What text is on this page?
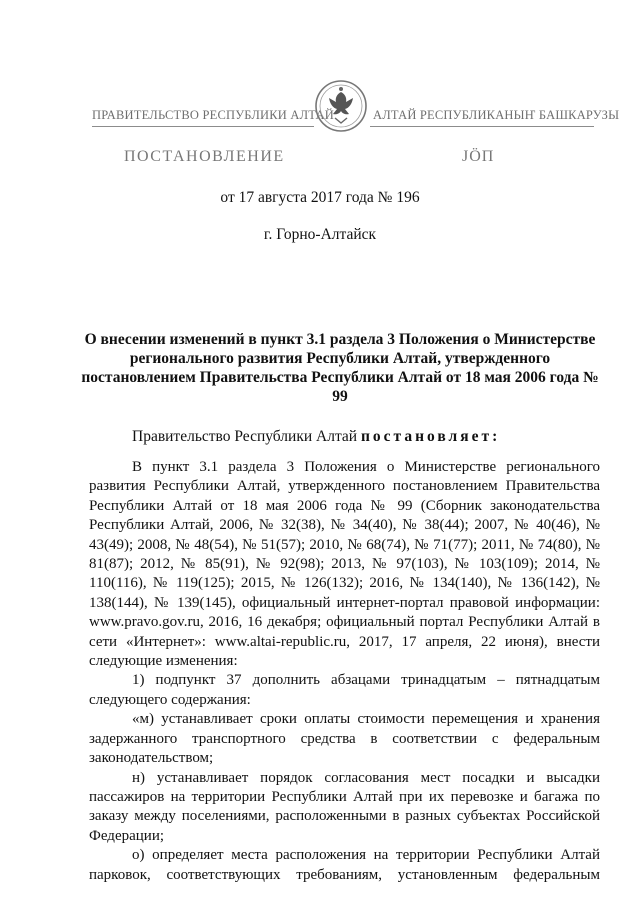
ПРАВИТЕЛЬСТВО РЕСПУБЛИКИ АЛТАЙ	АЛТАЙ РЕСПУБЛИКАНЫҤ БАШКАРУЗЫ
ПОСТАНОВЛЕНИЕ	ЈӦП
от 17 августа 2017 года № 196
г. Горно-Алтайск
О внесении изменений в пункт 3.1 раздела 3 Положения о Министерстве регионального развития Республики Алтай, утвержденного постановлением Правительства Республики Алтай от 18 мая 2006 года № 99
Правительство Республики Алтай постановляет:

В пункт 3.1 раздела 3 Положения о Министерстве регионального развития Республики Алтай, утвержденного постановлением Правительства Республики Алтай от 18 мая 2006 года № 99 (Сборник законодательства Республики Алтай, 2006, № 32(38), № 34(40), № 38(44); 2007, № 40(46), № 43(49); 2008, № 48(54), № 51(57); 2010, № 68(74), № 71(77); 2011, № 74(80), № 81(87); 2012, № 85(91), № 92(98); 2013, № 97(103), № 103(109); 2014, № 110(116), № 119(125); 2015, № 126(132); 2016, № 134(140), № 136(142), № 138(144), № 139(145), официальный интернет-портал правовой информации: www.pravo.gov.ru, 2016, 16 декабря; официальный портал Республики Алтай в сети «Интернет»: www.altai-republic.ru, 2017, 17 апреля, 22 июня), внести следующие изменения:

1) подпункт 37 дополнить абзацами тринадцатым – пятнадцатым следующего содержания:

«м) устанавливает сроки оплаты стоимости перемещения и хранения задержанного транспортного средства в соответствии с федеральным законодательством;

н) устанавливает порядок согласования мест посадки и высадки пассажиров на территории Республики Алтай при их перевозке и багажа по заказу между поселениями, расположенными в разных субъектах Российской Федерации;

о) определяет места расположения на территории Республики Алтай парковок, соответствующих требованиям, установленным федеральным
